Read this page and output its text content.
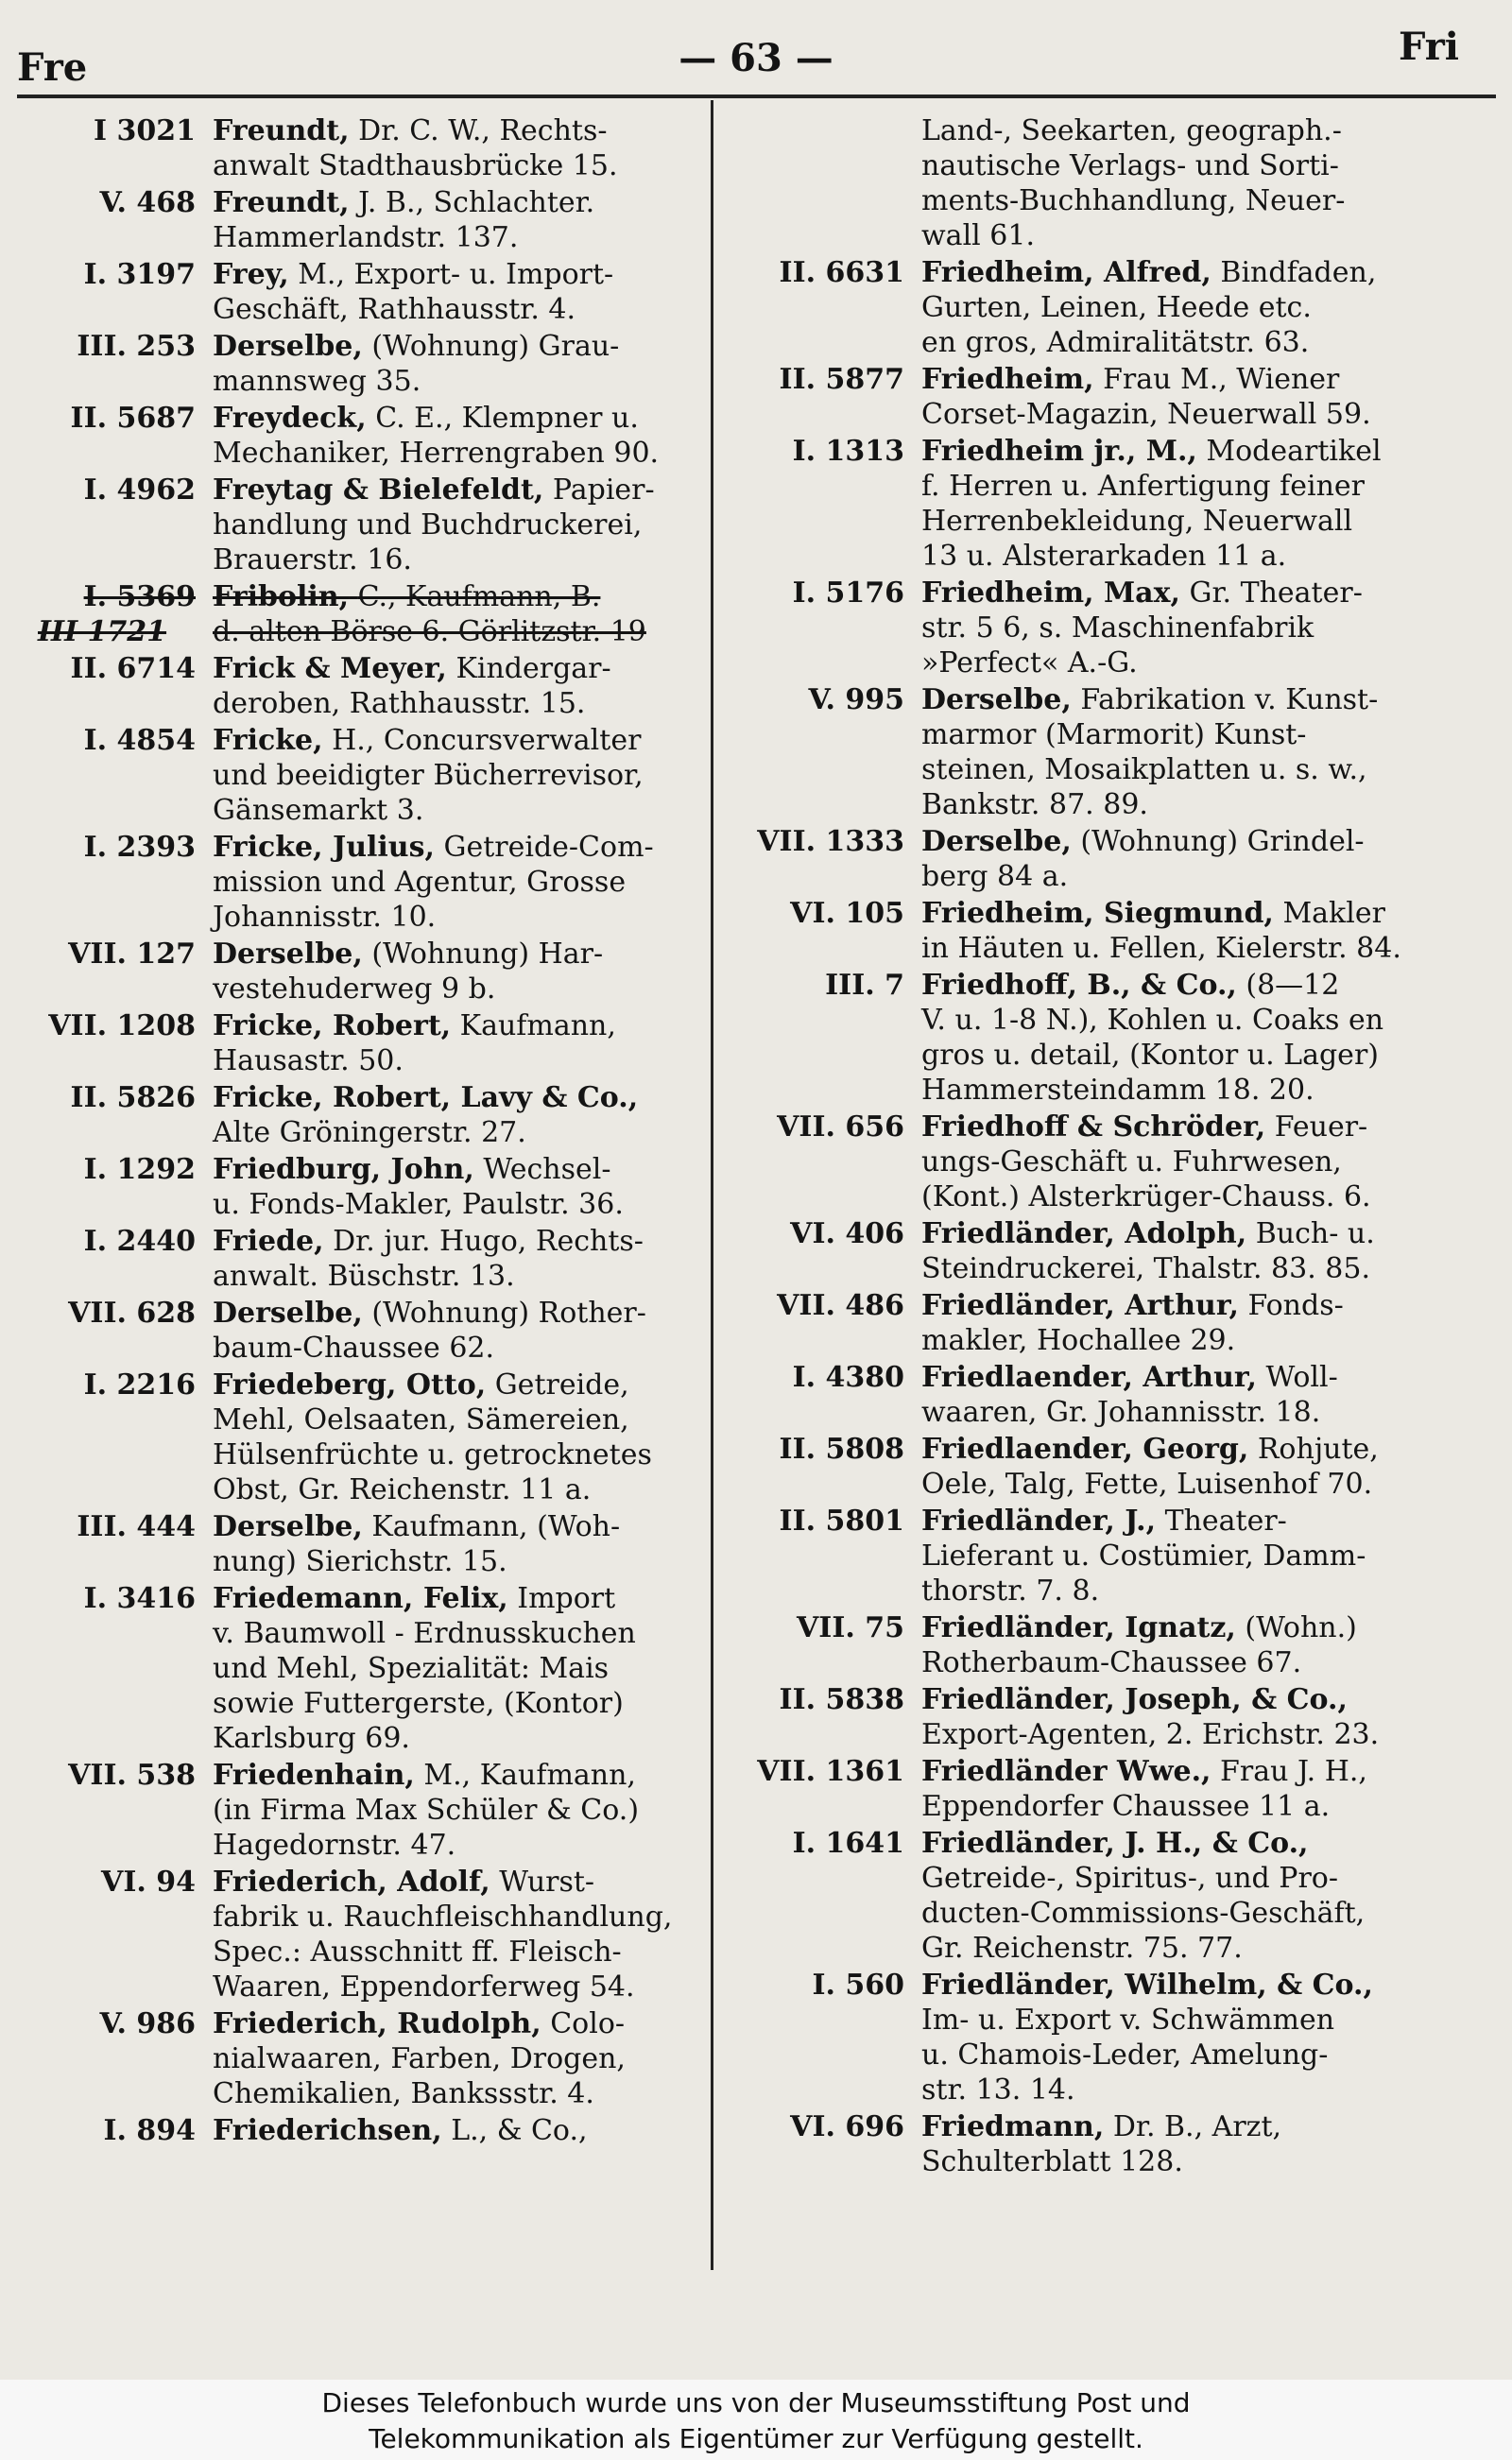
Fre	— 63 —	Fri
I 3021 Freundt, Dr. C. W., Rechts-
anwalt Stadthausbrücke 15.
V. 468 Freundt, J. B., Schlachter.
Hammerlandstr. 137.
I. 3197 Frey, M., Export- u. Import-
Geschäft, Rathhausstr. 4.
III. 253 Derselbe, (Wohnung) Grau-
mannsweg 35.
II. 5687 Freydeck, C. E., Klempner u.
Mechaniker, Herrengraben 90.
I. 4962 Freytag & Bielefeldt, Papier-
handlung und Buchdruckerei,
Brauerstr. 16.
I. 5369 Fribolin, C., Kaufmann, B.
III 1721	d. alten Börse 6. Görlitzstr. 19
II. 6714 Frick & Meyer, Kindergar-
deroben, Rathhausstr. 15.
I. 4854 Fricke, H., Concursverwalter
und beeidigter Bücherrevisor,
Gänsemarkt 3.
I. 2393 Fricke, Julius, Getreide-Com-
mission und Agentur, Grosse
Johannisstr. 10.
VII. 127 Derselbe, (Wohnung) Har-
vestehuderweg 9 b.
VII. 1208 Fricke, Robert, Kaufmann,
Hausastr. 50.
II. 5826 Fricke, Robert, Lavy & Co.,
Alte Gröningerstr. 27.
I. 1292 Friedburg, John, Wechsel-
u. Fonds-Makler, Paulstr. 36.
I. 2440 Friede, Dr. jur. Hugo, Rechts-
anwalt. Büschstr. 13.
VII. 628 Derselbe, (Wohnung) Rother-
baum-Chaussee 62.
I. 2216 Friedeberg, Otto, Getreide,
Mehl, Oelsaaten, Sämereien,
Hülsenfrüchte u. getrocknetes
Obst, Gr. Reichenstr. 11 a.
III. 444 Derselbe, Kaufmann, (Woh-
nung) Sierichstr. 15.
I. 3416 Friedemann, Felix, Import
v. Baumwoll - Erdnusskuchen
und Mehl, Spezialität: Mais
sowie Futtergerste, (Kontor)
Karlsburg 69.
VII. 538 Friedenhain, M., Kaufmann,
(in Firma Max Schüler & Co.)
Hagedornstr. 47.
VI. 94 Friederich, Adolf, Wurst-
fabrik u. Rauchfleischhandlung,
Spec.: Ausschnitt ff. Fleisch-
Waaren, Eppendorferweg 54.
V. 986 Friederich, Rudolph, Colo-
nialwaaren, Farben, Drogen,
Chemikalien, Bankssstr. 4.
I. 894 Friederichsen, L., & Co.,
Land-, Seekarten, geograph.-
nautische Verlags- und Sorti-
ments-Buchhandlung, Neuer-
wall 61.
II. 6631 Friedheim, Alfred, Bindfaden,
Gurten, Leinen, Heede etc.
en gros, Admiralitätstr. 63.
II. 5877 Friedheim, Frau M., Wiener
Corset-Magazin, Neuerwall 59.
I. 1313 Friedheim jr., M., Modeartikel
f. Herren u. Anfertigung feiner
Herrenbekleidung, Neuerwall
13 u. Alsterarkaden 11 a.
I. 5176 Friedheim, Max, Gr. Theater-
str. 5 6, s. Maschinenfabrik
»Perfect« A.-G.
V. 995 Derselbe, Fabrikation v. Kunst-
marmor (Marmorit) Kunst-
steinen, Mosaikplatten u. s. w.,
Bankstr. 87. 89.
VII. 1333 Derselbe, (Wohnung) Grindel-
berg 84 a.
VI. 105 Friedheim, Siegmund, Makler
in Häuten u. Fellen, Kielerstr. 84.
III. 7 Friedhoff, B., & Co., (8—12
V. u. 1-8 N.), Kohlen u. Coaks en
gros u. detail, (Kontor u. Lager)
Hammersteindamm 18. 20.
VII. 656 Friedhoff & Schröder, Feuer-
ungs-Geschäft u. Fuhrwesen,
(Kont.) Alsterkrüger-Chauss. 6.
VI. 406 Friedländer, Adolph, Buch- u.
Steindruckerei, Thalstr. 83. 85.
VII. 486 Friedländer, Arthur, Fonds-
makler, Hochallee 29.
I. 4380 Friedlaender, Arthur, Woll-
waaren, Gr. Johannisstr. 18.
II. 5808 Friedlaender, Georg, Rohjute,
Oele, Talg, Fette, Luisenhof 70.
II. 5801 Friedländer, J., Theater-
Lieferant u. Costümier, Damm-
thorstr. 7. 8.
VII. 75 Friedländer, Ignatz, (Wohn.)
Rotherbaum-Chaussee 67.
II. 5838 Friedländer, Joseph, & Co.,
Export-Agenten, 2. Erichstr. 23.
VII. 1361 Friedländer Wwe., Frau J. H.,
Eppendorfer Chaussee 11 a.
I. 1641 Friedländer, J. H., & Co.,
Getreide-, Spiritus-, und Pro-
ducten-Commissions-Geschäft,
Gr. Reichenstr. 75. 77.
I. 560 Friedländer, Wilhelm, & Co.,
Im- u. Export v. Schwämmen
u. Chamois-Leder, Amelung-
str. 13. 14.
VI. 696 Friedmann, Dr. B., Arzt,
Schulterblatt 128.
Dieses Telefonbuch wurde uns von der Museumsstiftung Post und
Telekommunikation als Eigentümer zur Verfügung gestellt.
